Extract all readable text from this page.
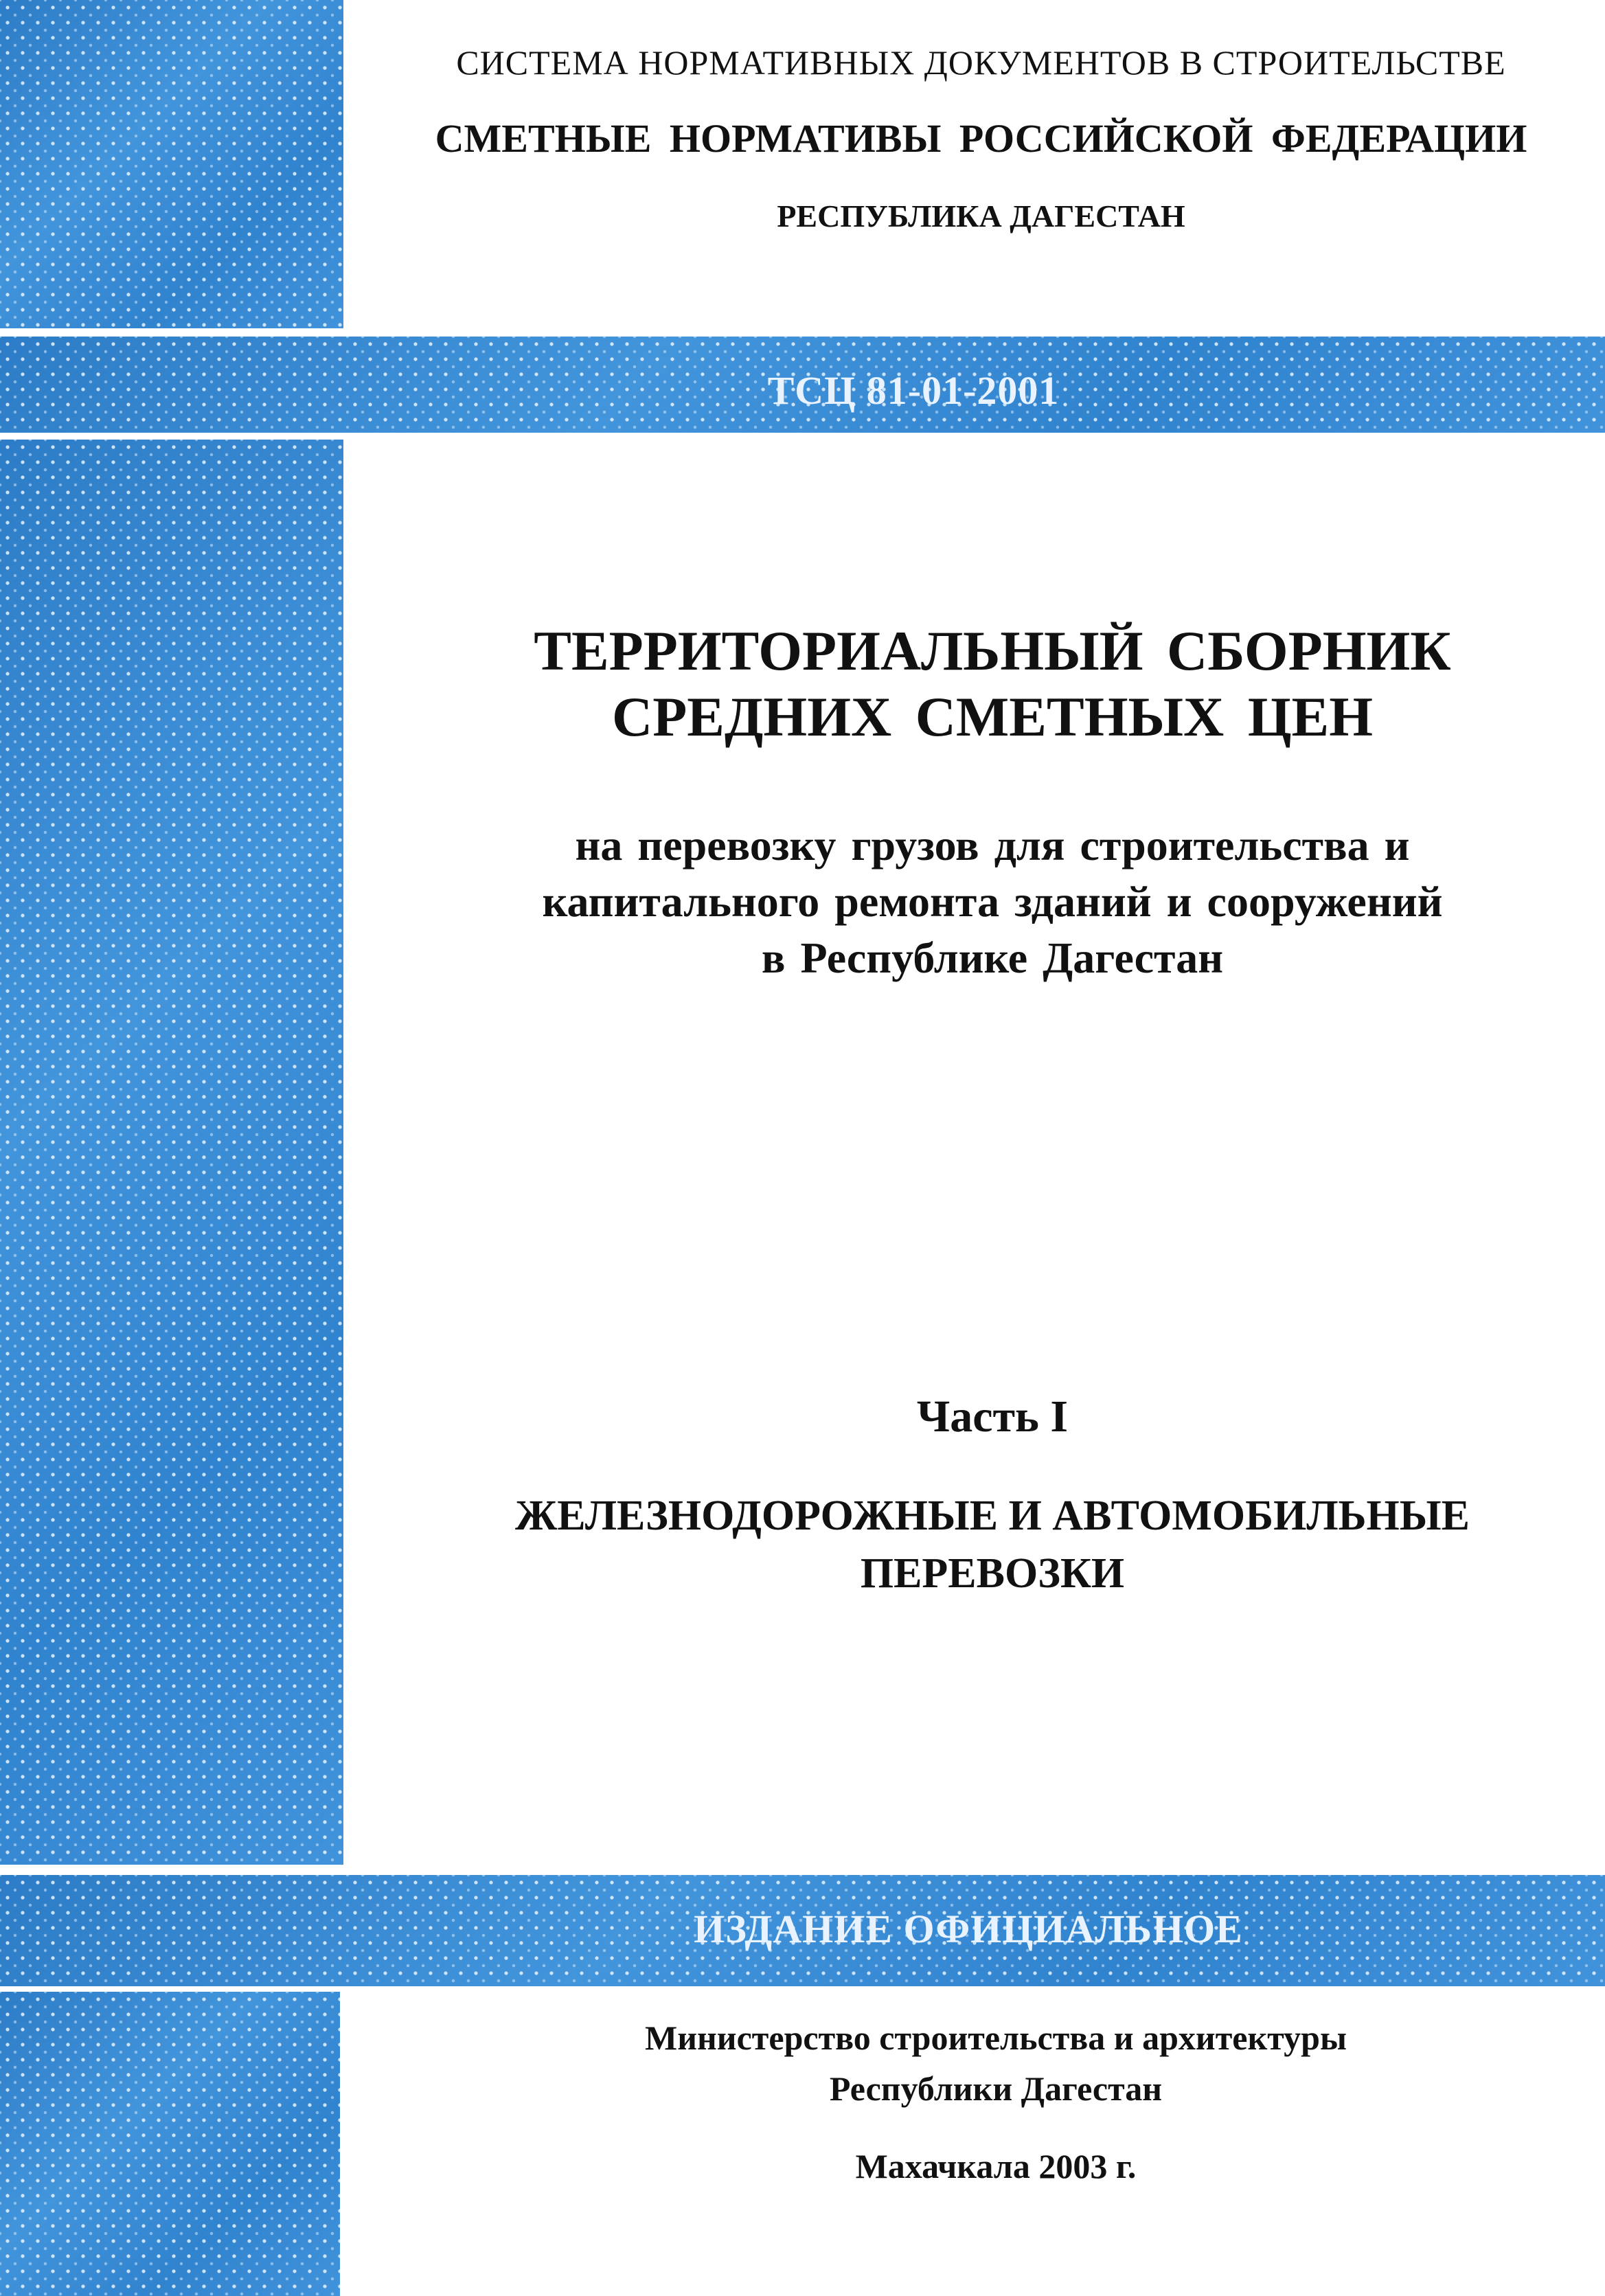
СИСТЕМА НОРМАТИВНЫХ ДОКУМЕНТОВ В СТРОИТЕЛЬСТВЕ
СМЕТНЫЕ НОРМАТИВЫ РОССИЙСКОЙ ФЕДЕРАЦИИ
РЕСПУБЛИКА ДАГЕСТАН
ТСЦ 81-01-2001
ТЕРРИТОРИАЛЬНЫЙ СБОРНИК
СРЕДНИХ СМЕТНЫХ ЦЕН
на перевозку грузов для строительства и
капитального ремонта зданий и сооружений
в Республике Дагестан
Часть I
ЖЕЛЕЗНОДОРОЖНЫЕ И АВТОМОБИЛЬНЫЕ
ПЕРЕВОЗКИ
ИЗДАНИЕ ОФИЦИАЛЬНОЕ
Министерство строительства и архитектуры
Республики Дагестан
Махачкала 2003 г.
